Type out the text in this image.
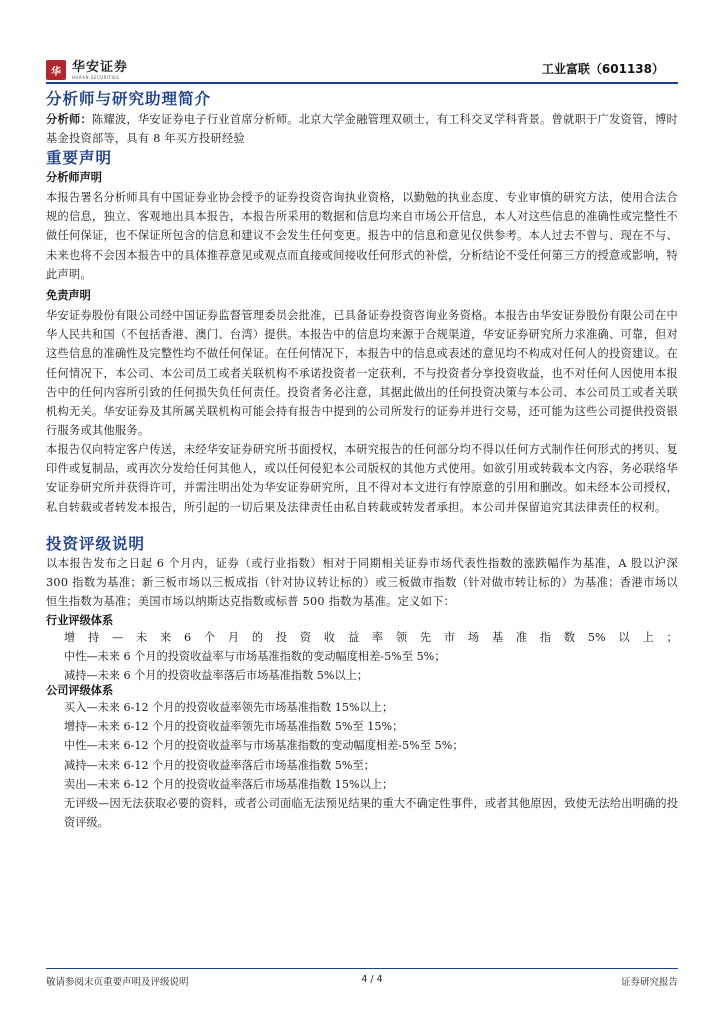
华 华安证券
HUAAN SECURITIES
工业富联（601138）
分析师与研究助理简介
分析师：陈耀波，华安证券电子行业首席分析师。北京大学金融管理双硕士，有工科交叉学科背景。曾就职于广发资管，博时基金投资部等，具有 8 年买方投研经验
重要声明
分析师声明
本报告署名分析师具有中国证券业协会授予的证券投资咨询执业资格，以勤勉的执业态度、专业审慎的研究方法，使用合法合规的信息，独立、客观地出具本报告，本报告所采用的数据和信息均来自市场公开信息，本人对这些信息的准确性或完整性不做任何保证，也不保证所包含的信息和建议不会发生任何变更。报告中的信息和意见仅供参考。本人过去不曾与、现在不与、未来也将不会因本报告中的具体推荐意见或观点而直接或间接收任何形式的补偿，分析结论不受任何第三方的授意或影响，特此声明。
免责声明
华安证券股份有限公司经中国证券监督管理委员会批准，已具备证券投资咨询业务资格。本报告由华安证券股份有限公司在中华人民共和国（不包括香港、澳门、台湾）提供。本报告中的信息均来源于合规渠道，华安证券研究所力求准确、可靠，但对这些信息的准确性及完整性均不做任何保证。在任何情况下，本报告中的信息或表述的意见均不构成对任何人的投资建议。在任何情况下，本公司、本公司员工或者关联机构不承诺投资者一定获利，不与投资者分享投资收益，也不对任何人因使用本报告中的任何内容所引致的任何损失负任何责任。投资者务必注意，其据此做出的任何投资决策与本公司、本公司员工或者关联机构无关。华安证券及其所属关联机构可能会持有报告中提到的公司所发行的证券并进行交易，还可能为这些公司提供投资银行服务或其他服务。
本报告仅向特定客户传送，未经华安证券研究所书面授权，本研究报告的任何部分均不得以任何方式制作任何形式的拷贝、复印件或复制品，或再次分发给任何其他人，或以任何侵犯本公司版权的其他方式使用。如欲引用或转载本文内容，务必联络华安证券研究所并获得许可，并需注明出处为华安证券研究所，且不得对本文进行有悖原意的引用和删改。如未经本公司授权，私自转载或者转发本报告，所引起的一切后果及法律责任由私自转载或转发者承担。本公司并保留追究其法律责任的权利。
投资评级说明
以本报告发布之日起 6 个月内，证券（或行业指数）相对于同期相关证券市场代表性指数的涨跌幅作为基准，A 股以沪深 300 指数为基准；新三板市场以三板成指（针对协议转让标的）或三板做市指数（针对做市转让标的）为基准；香港市场以恒生指数为基准；美国市场以纳斯达克指数或标普 500 指数为基准。定义如下：
行业评级体系
增 持 — 未 来 6 个 月 的 投 资 收 益 率 领 先 市 场 基 准 指 数 5% 以 上 ；
中性—未来 6 个月的投资收益率与市场基准指数的变动幅度相差-5%至 5%；
减持—未来 6 个月的投资收益率落后市场基准指数 5%以上；
公司评级体系
买入—未来 6-12 个月的投资收益率领先市场基准指数 15%以上；
增持—未来 6-12 个月的投资收益率领先市场基准指数 5%至 15%；
中性—未来 6-12 个月的投资收益率与市场基准指数的变动幅度相差-5%至 5%；
减持—未来 6-12 个月的投资收益率落后市场基准指数 5%至；
卖出—未来 6-12 个月的投资收益率落后市场基准指数 15%以上；
无评级—因无法获取必要的资料，或者公司面临无法预见结果的重大不确定性事件，或者其他原因，致使无法给出明确的投资评级。
敬请参阅末页重要声明及评级说明	4 / 4	证券研究报告
